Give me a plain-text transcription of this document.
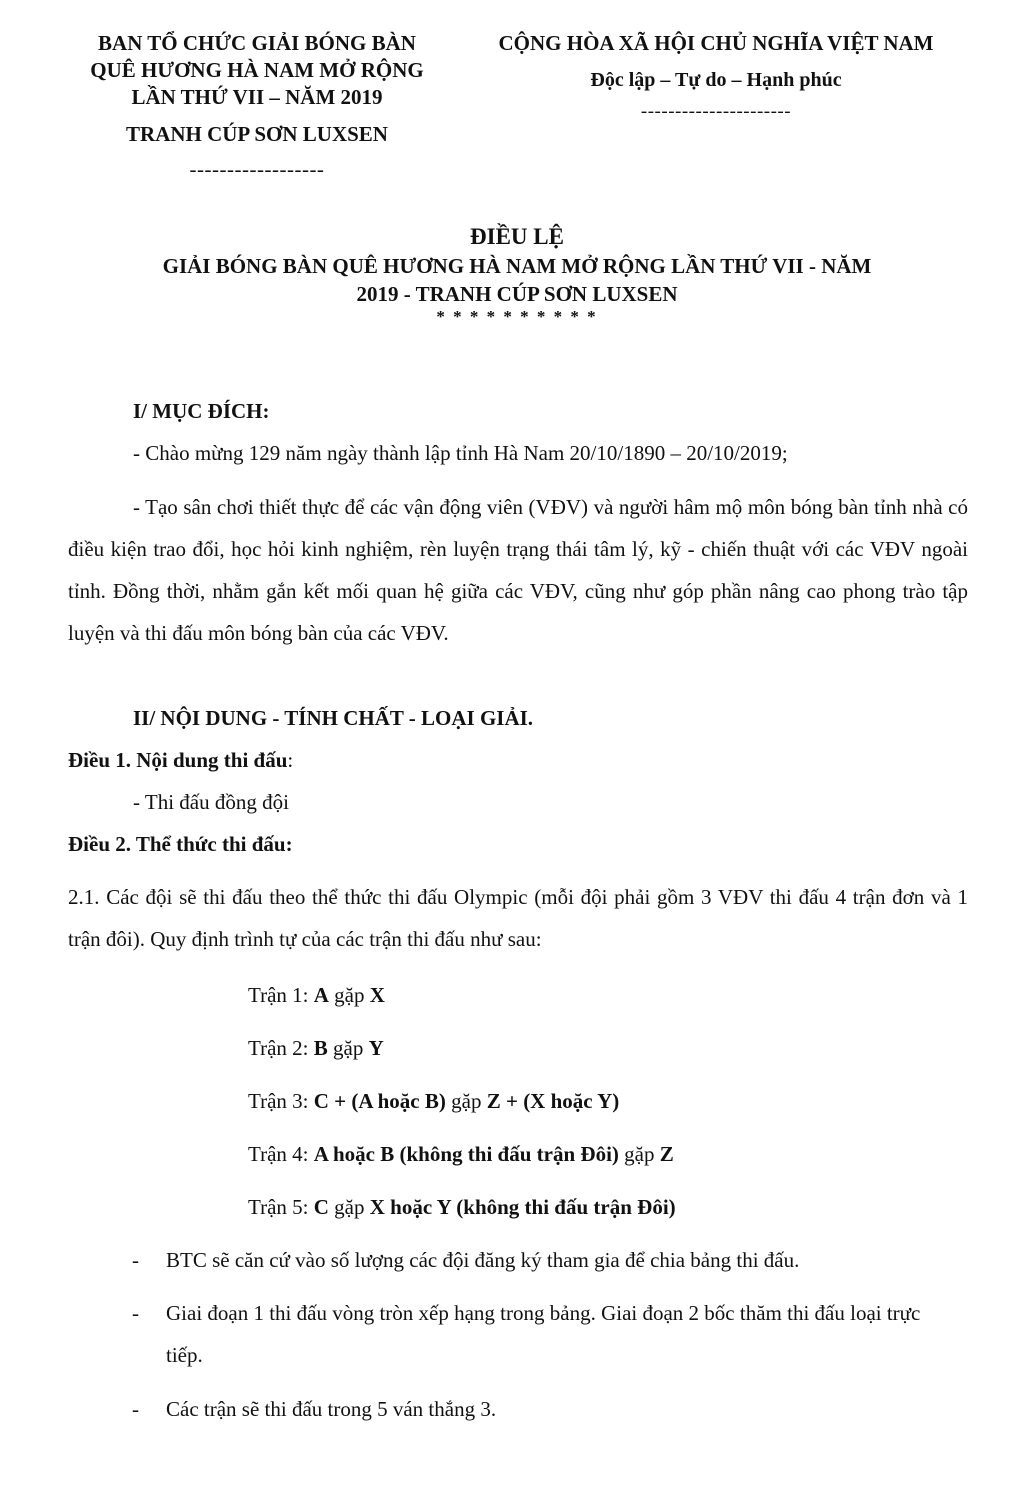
BAN TỔ CHỨC GIẢI BÓNG BÀN
QUÊ HƯƠNG HÀ NAM MỞ RỘNG
LẦN THỨ VII – NĂM 2019
TRANH CÚP SƠN LUXSEN
------------------
CỘNG HÒA XÃ HỘI CHỦ NGHĨA VIỆT NAM
Độc lập – Tự do – Hạnh phúc
----------------------
ĐIỀU LỆ
GIẢI BÓNG BÀN QUÊ HƯƠNG HÀ NAM MỞ RỘNG LẦN THỨ VII - NĂM
2019 - TRANH CÚP SƠN LUXSEN
* * * * * * * * * *
I/ MỤC ĐÍCH:
- Chào mừng 129 năm ngày thành lập tỉnh Hà Nam 20/10/1890 – 20/10/2019;
- Tạo sân chơi thiết thực để các vận động viên (VĐV) và người hâm mộ môn bóng bàn tỉnh nhà có điều kiện trao đổi, học hỏi kinh nghiệm, rèn luyện trạng thái tâm lý, kỹ - chiến thuật với các VĐV ngoài tỉnh. Đồng thời, nhằm gắn kết mối quan hệ giữa các VĐV, cũng như góp phần nâng cao phong trào tập luyện và thi đấu môn bóng bàn của các VĐV.
II/ NỘI DUNG - TÍNH CHẤT - LOẠI GIẢI.
Điều 1. Nội dung thi đấu:
- Thi đấu đồng đội
Điều 2. Thể thức thi đấu:
2.1. Các đội sẽ thi đấu theo thể thức thi đấu Olympic (mỗi đội phải gồm 3 VĐV thi đấu 4 trận đơn và 1 trận đôi). Quy định trình tự của các trận thi đấu như sau:
Trận 1: A gặp X
Trận 2: B gặp Y
Trận 3: C + (A hoặc B) gặp Z + (X hoặc Y)
Trận 4: A hoặc B (không thi đấu trận Đôi) gặp Z
Trận 5: C gặp X hoặc Y (không thi đấu trận Đôi)
- BTC sẽ căn cứ vào số lượng các đội đăng ký tham gia để chia bảng thi đấu.
- Giai đoạn 1 thi đấu vòng tròn xếp hạng trong bảng. Giai đoạn 2 bốc thăm thi đấu loại trực tiếp.
- Các trận sẽ thi đấu trong 5 ván thắng 3.
